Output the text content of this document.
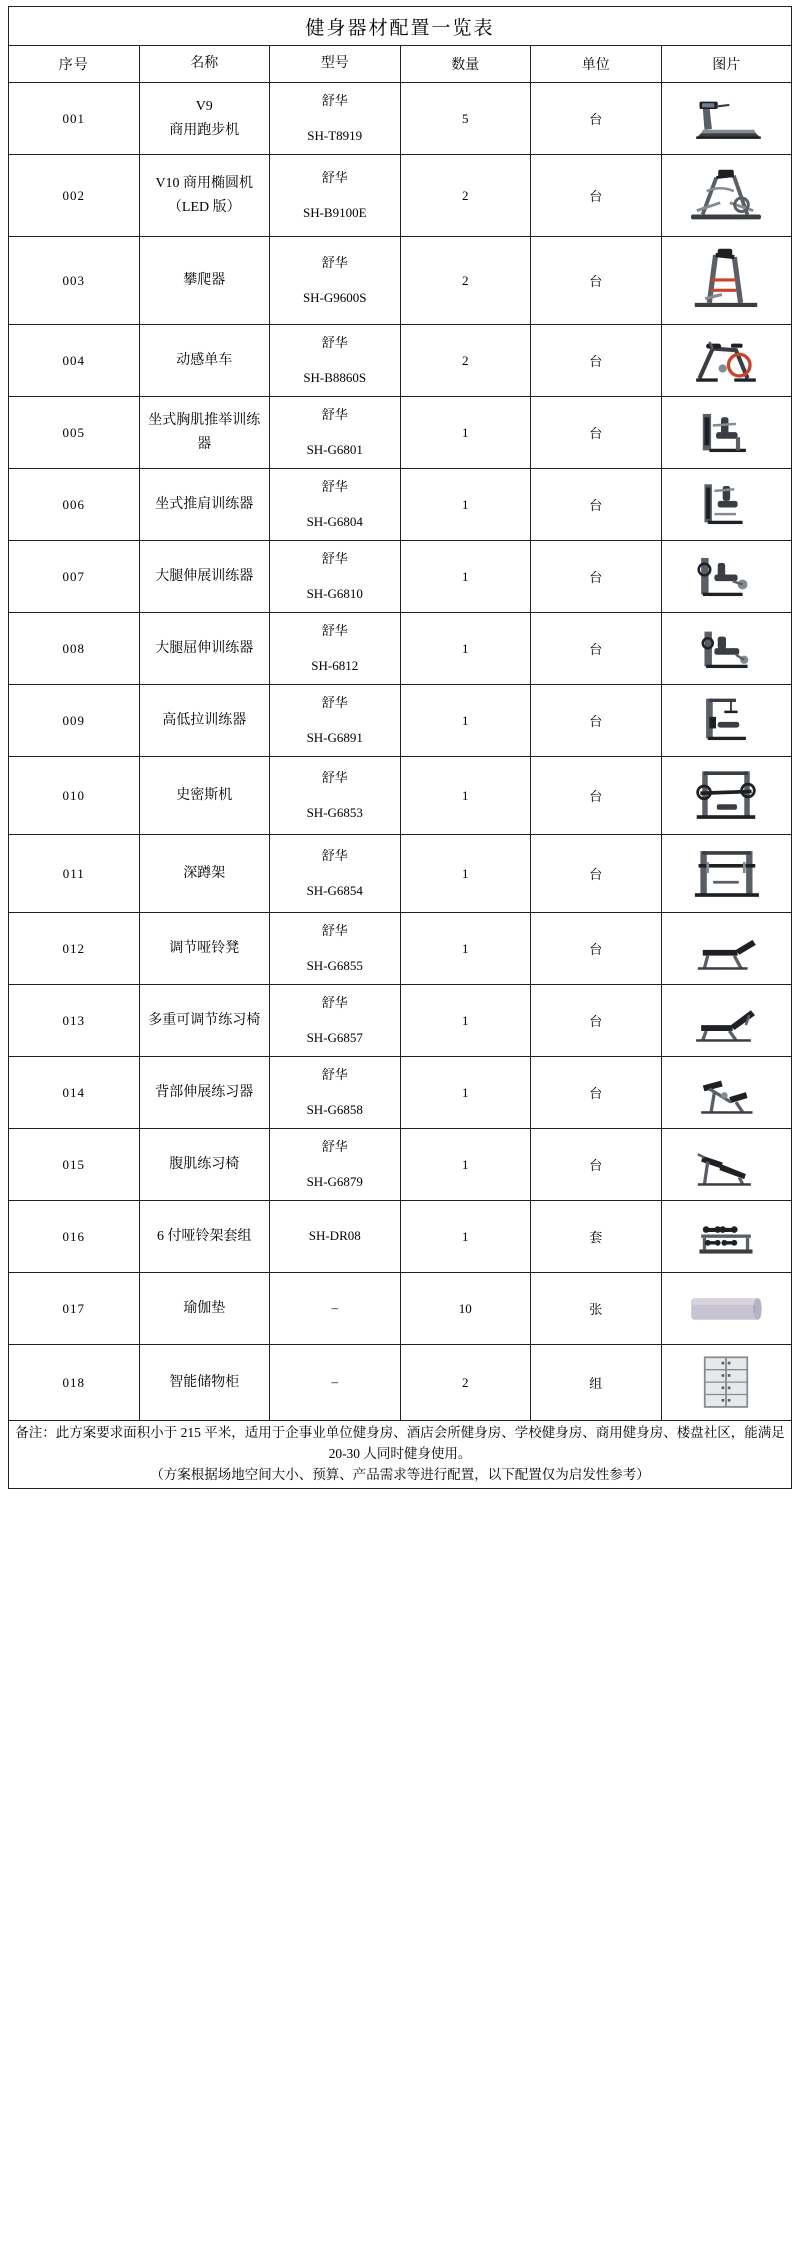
健身器材配置一览表					
序号	名称	型号	数量	单位	图片
001	V9
商用跑步机	舒华
SH-T8919	5	台	

002	V10 商用椭圆机
（LED 版）	舒华
SH-B9100E	2	台	

003	攀爬器	舒华
SH-G9600S	2	台	

004	动感单车	舒华
SH-B8860S	2	台	

005	坐式胸肌推举训练
器	舒华
SH-G6801	1	台	

006	坐式推肩训练器	舒华
SH-G6804	1	台	

007	大腿伸展训练器	舒华
SH-G6810	1	台	

008	大腿屈伸训练器	舒华
SH-6812	1	台	

009	高低拉训练器	舒华
SH-G6891	1	台	

010	史密斯机	舒华
SH-G6853	1	台	

011	深蹲架	舒华
SH-G6854	1	台	

012	调节哑铃凳	舒华
SH-G6855	1	台	

013	多重可调节练习椅	舒华
SH-G6857	1	台	

014	背部伸展练习器	舒华
SH-G6858	1	台	

015	腹肌练习椅	舒华
SH-G6879	1	台	

016	6 付哑铃架套组	SH-DR08	1	套	

017	瑜伽垫	–	10	张	

018	智能储物柜	–	2	组	

备注：此方案要求面积小于 215 平米，适用于企事业单位健身房、酒店会所健身房、学校健身房、商用健身房、楼盘社区，能满足 20-30 人同时健身使用。
（方案根据场地空间大小、预算、产品需求等进行配置，以下配置仅为启发性参考）					
